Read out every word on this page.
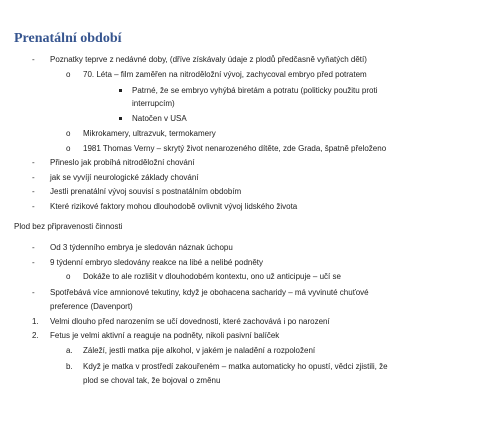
Prenatální období
- Poznatky teprve z nedávné doby, (dříve získávaly údaje z plodů předčasně vyňatých dětí)
o 70. Léta – film zaměřen na nitroděložní vývoj, zachycoval embryo před potratem
Patrné, že se embryo vyhýbá biretám a potratu (politicky použitu proti
interrupcím)
Natočen v USA
o Mikrokamery, ultrazvuk, termokamery
o 1981 Thomas Verny – skrytý život nenarozeného dítěte, zde Grada, špatně přeloženo
- Přineslo jak probíhá nitroděložní chování
- jak se vyvíjí neurologické základy chování
- Jestli prenatální vývoj souvisí s postnatálním obdobím
- Které rizikové faktory mohou dlouhodobě ovlivnit vývoj lidského života
Plod bez připravenosti činnosti
- Od 3 týdenního embrya je sledován náznak úchopu
- 9 týdenní embryo sledovány reakce na libé a nelibé podněty
o Dokáže to ale rozlišit v dlouhodobém kontextu, ono už anticipuje – učí se
- Spotřebává více amnionové tekutiny, když je obohacena sacharidy – má vyvinuté chuťové
preference (Davenport)
1. Velmi dlouho před narozením se učí dovednosti, které zachovává i po narození
2. Fetus je velmi aktivní a reaguje na podněty, nikoli pasivní balíček
a. Záleží, jestli matka pije alkohol, v jakém je naladění a rozpoložení
b. Když je matka v prostředí zakouřeném – matka automaticky ho opustí, vědci zjistili, že
plod se choval tak, že bojoval o změnu
